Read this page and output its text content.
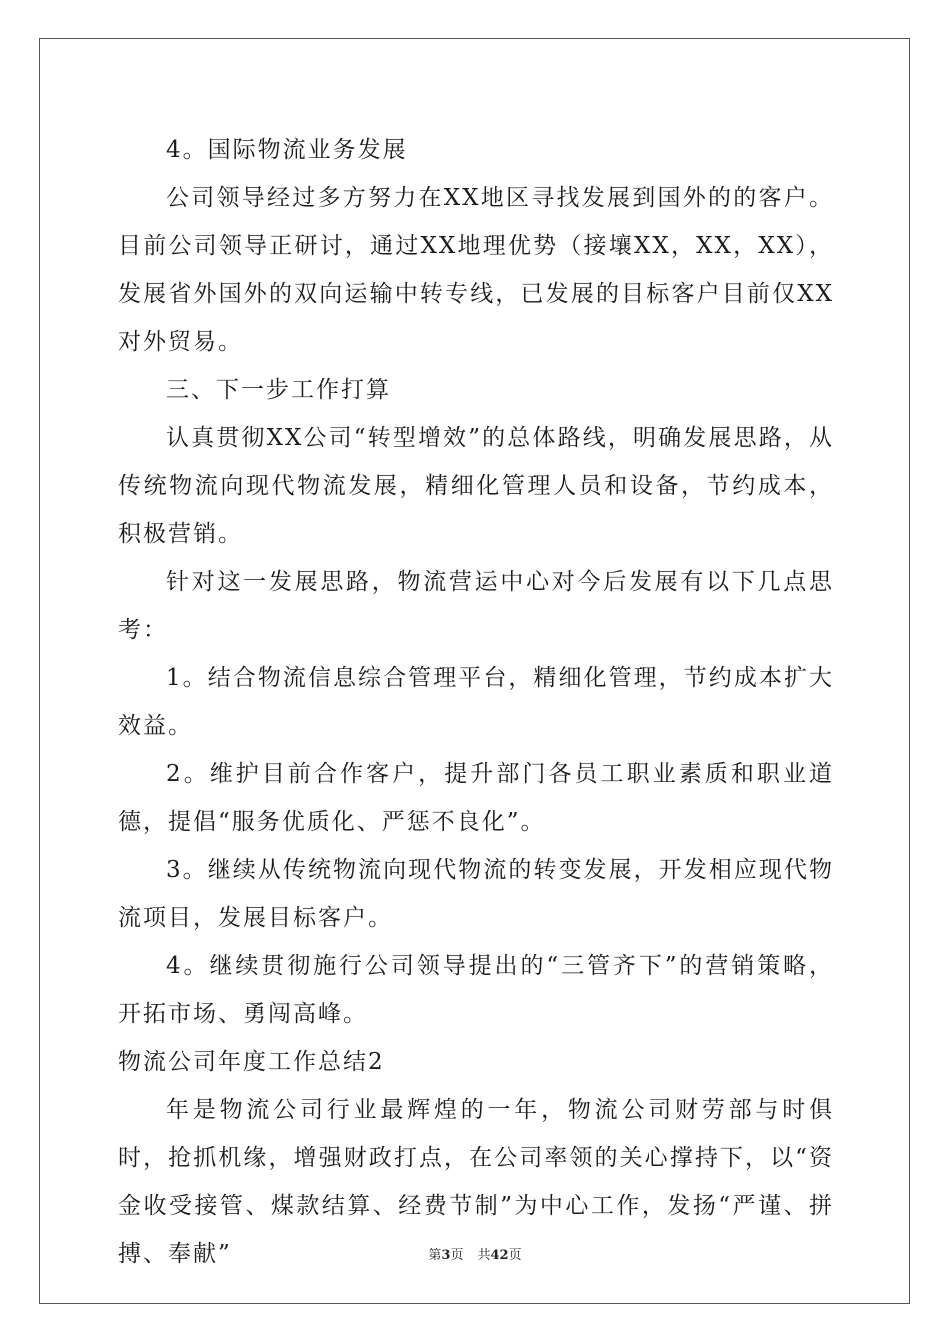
4。国际物流业务发展

公司领导经过多方努力在XX地区寻找发展到国外的的客户。目前公司领导正研讨，通过XX地理优势（接壤XX，XX，XX），发展省外国外的双向运输中转专线，已发展的目标客户目前仅XX对外贸易。

三、下一步工作打算

认真贯彻XX公司“转型增效”的总体路线，明确发展思路，从传统物流向现代物流发展，精细化管理人员和设备，节约成本，积极营销。

针对这一发展思路，物流营运中心对今后发展有以下几点思考：

1。结合物流信息综合管理平台，精细化管理，节约成本扩大效益。

2。维护目前合作客户，提升部门各员工职业素质和职业道德，提倡“服务优质化、严惩不良化”。

3。继续从传统物流向现代物流的转变发展，开发相应现代物流项目，发展目标客户。

4。继续贯彻施行公司领导提出的“三管齐下”的营销策略，开拓市场、勇闯高峰。

物流公司年度工作总结2

年是物流公司行业最辉煌的一年，物流公司财劳部与时俱时，抢抓机缘，增强财政打点，在公司率领的关心撑持下，以“资金收受接管、煤款结算、经费节制”为中心工作，发扬“严谨、拼搏、奉献”	第3页 共42页
